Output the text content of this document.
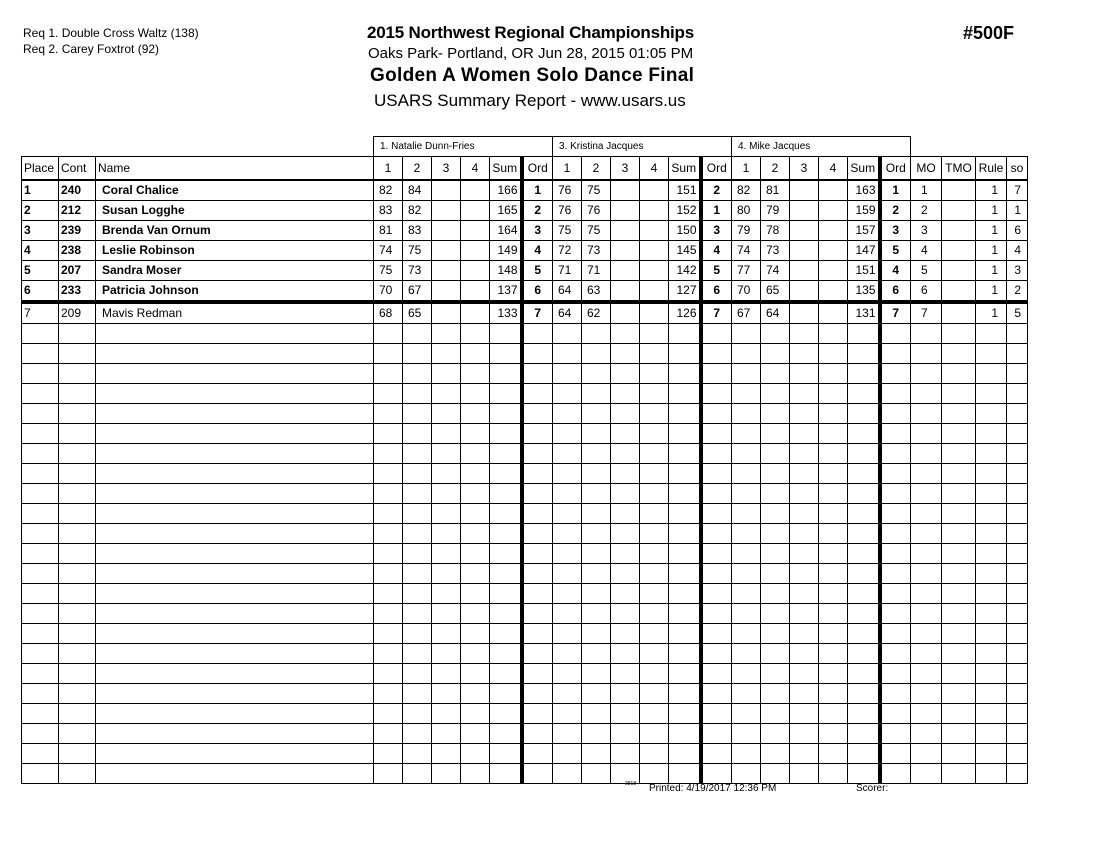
Req 1. Double Cross Waltz (138)
Req 2. Carey Foxtrot (92)
2015 Northwest Regional Championships
Oaks Park- Portland, OR Jun 28, 2015 01:05 PM
Golden A Women Solo Dance Final
USARS Summary Report - www.usars.us
#500F
			1. Natalie Dunn-Fries						3. Kristina Jacques						4. Mike Jacques									
Place	Cont	Name	1	2	3	4	Sum	Ord	1	2	3	4	Sum	Ord	1	2	3	4	Sum	Ord	MO	TMO	Rule	so
1	240	Coral Chalice	82	84			166	1	76	75			151	2	82	81			163	1	1		1	7
2	212	Susan Logghe	83	82			165	2	76	76			152	1	80	79			159	2	2		1	1
3	239	Brenda Van Ornum	81	83			164	3	75	75			150	3	79	78			157	3	3		1	6
4	238	Leslie Robinson	74	75			149	4	72	73			145	4	74	73			147	5	4		1	4
5	207	Sandra Moser	75	73			148	5	71	71			142	5	77	74			151	4	5		1	3
6	233	Patricia Johnson	70	67			137	6	64	63			127	6	70	65			135	6	6		1	2
7	209	Mavis Redman	68	65			133	7	64	62			126	7	67	64			131	7	7		1	5

3818 Printed: 4/19/2017 12:36 PM	Scorer:
